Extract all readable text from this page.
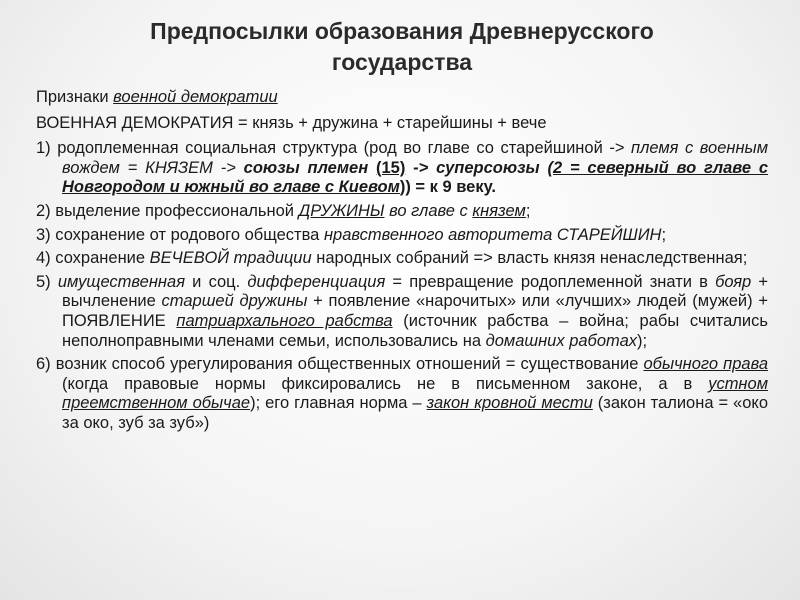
Предпосылки образования Древнерусского государства
Признаки военной демократии
ВОЕННАЯ ДЕМОКРАТИЯ = князь + дружина + старейшины + вече
1) родоплеменная социальная структура (род во главе со старейшиной -> племя с военным вождем = КНЯЗЕМ -> союзы племен (15) -> суперсоюзы (2 = северный во главе с Новгородом и южный во главе с Киевом)) = к 9 веку.
2) выделение профессиональной ДРУЖИНЫ во главе с князем;
3) сохранение от родового общества нравственного авторитета СТАРЕЙШИН;
4) сохранение ВЕЧЕВОЙ традиции народных собраний => власть князя ненаследственная;
5) имущественная и соц. дифференциация = превращение родоплеменной знати в бояр + вычленение старшей дружины + появление «нарочитых» или «лучших» людей (мужей) + ПОЯВЛЕНИЕ патриархального рабства (источник рабства – война; рабы считались неполноправными членами семьи, использовались на домашних работах);
6) возник способ урегулирования общественных отношений = существование обычного права (когда правовые нормы фиксировались не в письменном законе, а в устном преемственном обычае); его главная норма – закон кровной мести (закон талиона = «око за око, зуб за зуб»)
